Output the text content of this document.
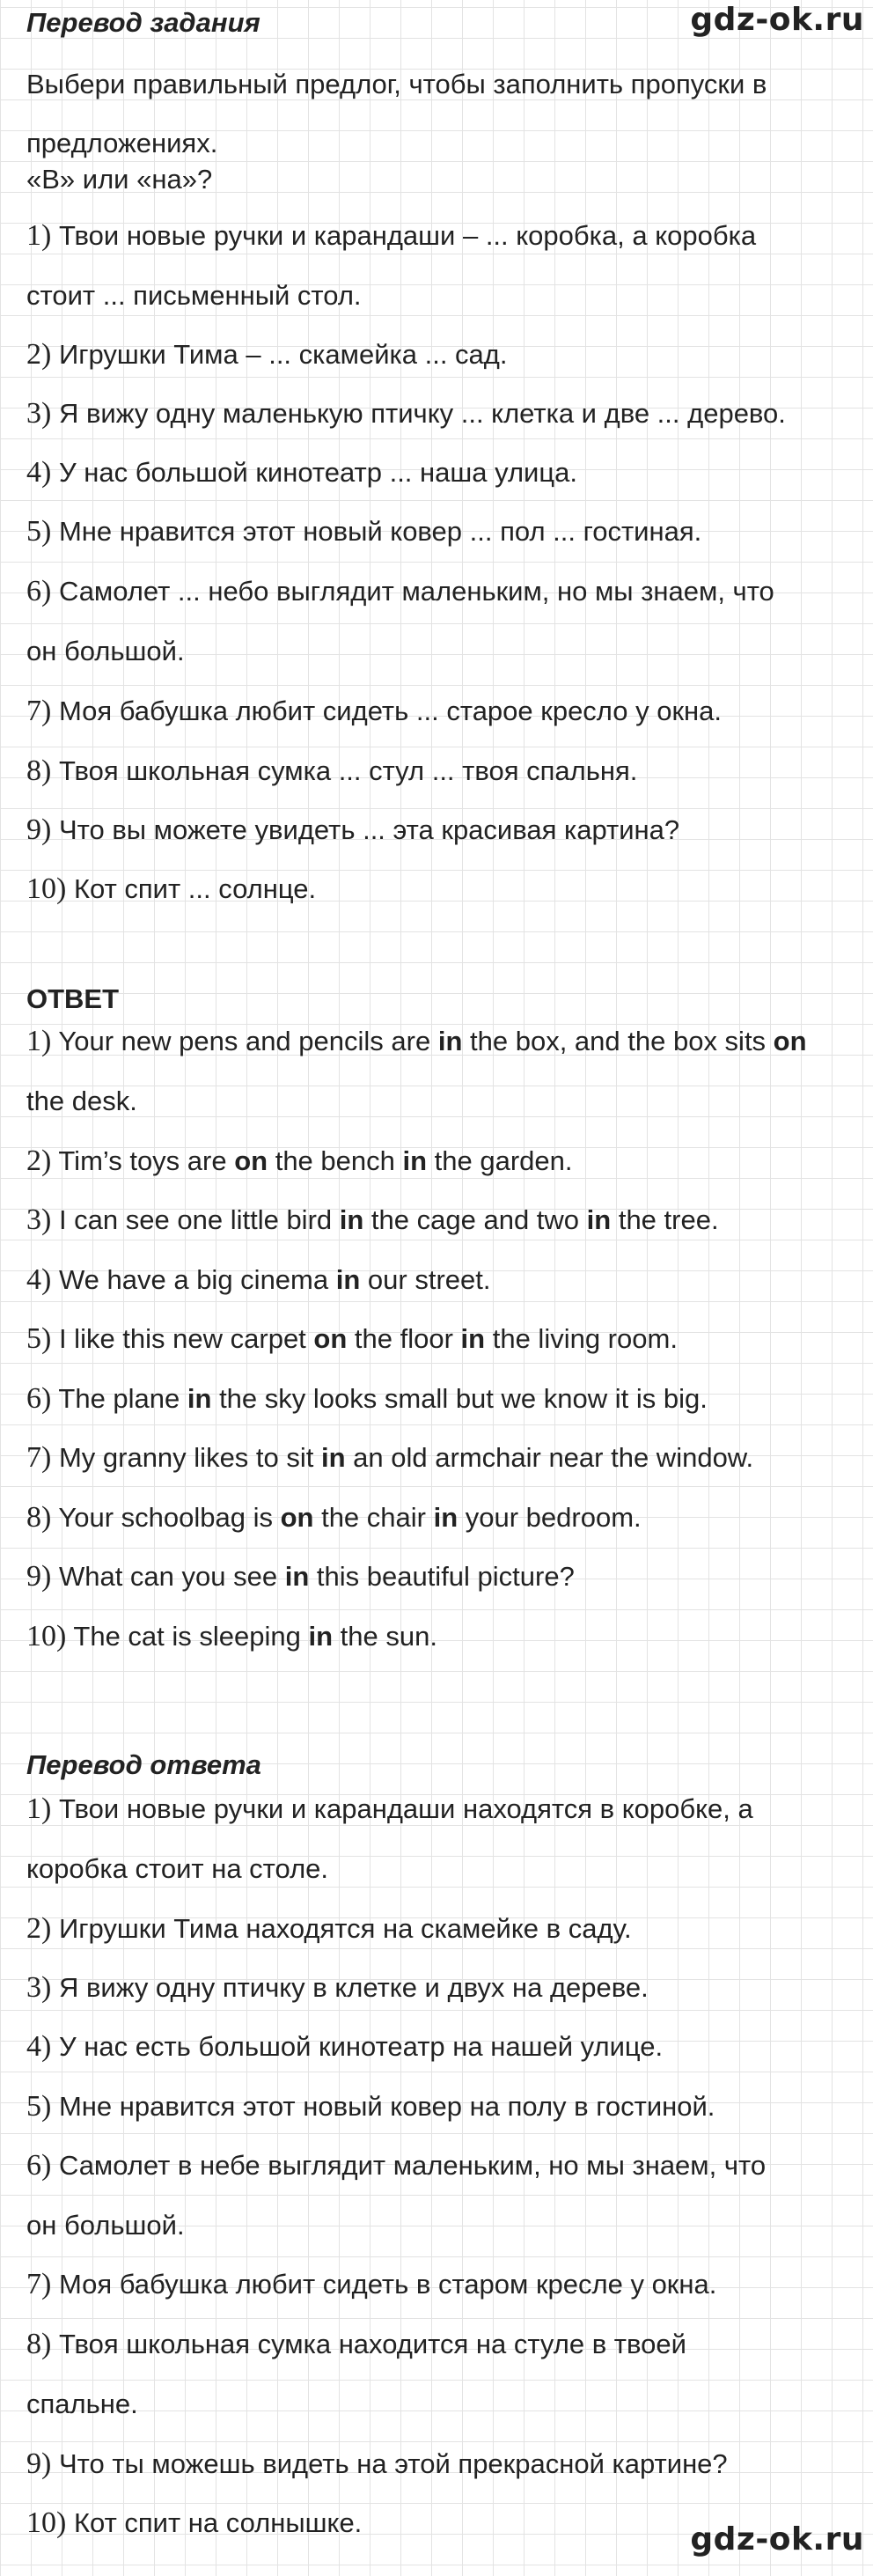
gdz-ok.ru
gdz-ok.ru
Перевод задания
Выбери правильный предлог, чтобы заполнить пропуски в
предложениях.
«В» или «на»?
1) Твои новые ручки и карандаши – ... коробка, а коробка
стоит ... письменный стол.
2) Игрушки Тима – ... скамейка ... сад.
3) Я вижу одну маленькую птичку ... клетка и две ... дерево.
4) У нас большой кинотеатр ... наша улица.
5) Мне нравится этот новый ковер ... пол ... гостиная.
6) Самолет ... небо выглядит маленьким, но мы знаем, что
он большой.
7) Моя бабушка любит сидеть ... старое кресло у окна.
8) Твоя школьная сумка ... стул ... твоя спальня.
9) Что вы можете увидеть ... эта красивая картина?
10) Кот спит ... солнце.
ОТВЕТ
1) Your new pens and pencils are in the box, and the box sits on
the desk.
2) Tim’s toys are on the bench in the garden.
3) I can see one little bird in the cage and two in the tree.
4) We have a big cinema in our street.
5) I like this new carpet on the floor in the living room.
6) The plane in the sky looks small but we know it is big.
7) My granny likes to sit in an old armchair near the window.
8) Your schoolbag is on the chair in your bedroom.
9) What can you see in this beautiful picture?
10) The cat is sleeping in the sun.
Перевод ответа
1) Твои новые ручки и карандаши находятся в коробке, а
коробка стоит на столе.
2) Игрушки Тима находятся на скамейке в саду.
3) Я вижу одну птичку в клетке и двух на дереве.
4) У нас есть большой кинотеатр на нашей улице.
5) Мне нравится этот новый ковер на полу в гостиной.
6) Самолет в небе выглядит маленьким, но мы знаем, что
он большой.
7) Моя бабушка любит сидеть в старом кресле у окна.
8) Твоя школьная сумка находится на стуле в твоей
спальне.
9) Что ты можешь видеть на этой прекрасной картине?
10) Кот спит на солнышке.
